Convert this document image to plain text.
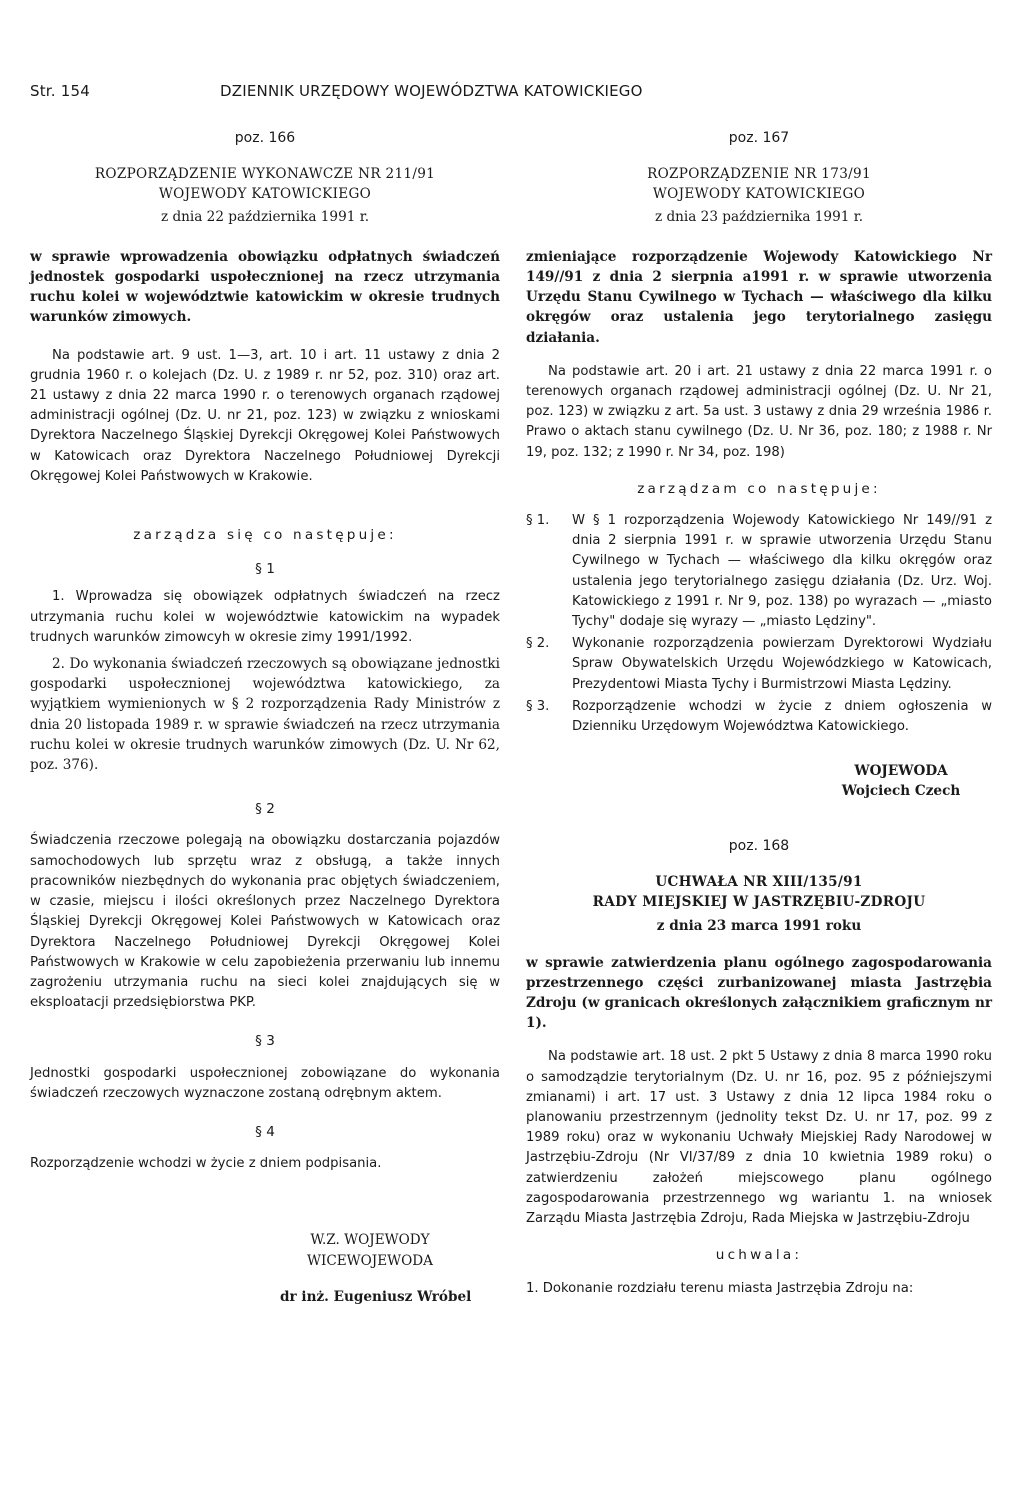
Str. 154	DZIENNIK URZĘDOWY WOJEWÓDZTWA KATOWICKIEGO
poz. 166
ROZPORZĄDZENIE WYKONAWCZE NR 211/91
WOJEWODY KATOWICKIEGO
z dnia 22 października 1991 r.

w sprawie wprowadzenia obowiązku odpłatnych świadczeń jednostek gospodarki uspołecznionej na rzecz utrzymania ruchu kolei w województwie katowickim w okresie trudnych warunków zimowych.

Na podstawie art. 9 ust. 1—3, art. 10 i art. 11 ustawy z dnia 2 grudnia 1960 r. o kolejach (Dz. U. z 1989 r. nr 52, poz. 310) oraz art. 21 ustawy z dnia 22 marca 1990 r. o terenowych organach rządowej administracji ogólnej (Dz. U. nr 21, poz. 123) w związku z wnioskami Dyrektora Naczelnego Śląskiej Dyrekcji Okręgowej Kolei Państwowych w Katowicach oraz Dyrektora Naczelnego Południowej Dyrekcji Okręgowej Kolei Państwowych w Krakowie.

zarządza się co następuje:
§ 1

1. Wprowadza się obowiązek odpłatnych świadczeń na rzecz utrzymania ruchu kolei w województwie katowickim na wypadek trudnych warunków zimowcyh w okresie zimy 1991/1992.

2. Do wykonania świadczeń rzeczowych są obowiązane jednostki gospodarki uspołecznionej województwa katowickiego, za wyjątkiem wymienionych w § 2 rozporządzenia Rady Ministrów z dnia 20 listopada 1989 r. w sprawie świadczeń na rzecz utrzymania ruchu kolei w okresie trudnych warunków zimowych (Dz. U. Nr 62, poz. 376).

§ 2

Świadczenia rzeczowe polegają na obowiązku dostarczania pojazdów samochodowych lub sprzętu wraz z obsługą, a także innych pracowników niezbędnych do wykonania prac objętych świadczeniem, w czasie, miejscu i ilości określonych przez Naczelnego Dyrektora Śląskiej Dyrekcji Okręgowej Kolei Państwowych w Katowicach oraz Dyrektora Naczelnego Południowej Dyrekcji Okręgowej Kolei Państwowych w Krakowie w celu zapobieżenia przerwaniu lub innemu zagrożeniu utrzymania ruchu na sieci kolei znajdujących się w eksploatacji przedsiębiorstwa PKP.

§ 3

Jednostki gospodarki uspołecznionej zobowiązane do wykonania świadczeń rzeczowych wyznaczone zostaną odrębnym aktem.

§ 4

Rozporządzenie wchodzi w życie z dniem podpisania.

W.Z. WOJEWODY
WICEWOJEWODA
dr inż. Eugeniusz Wróbel
poz. 167
ROZPORZĄDZENIE NR 173/91
WOJEWODY KATOWICKIEGO
z dnia 23 października 1991 r.

zmieniające rozporządzenie Wojewody Katowickiego Nr 149//91 z dnia 2 sierpnia a1991 r. w sprawie utworzenia Urzędu Stanu Cywilnego w Tychach — właściwego dla kilku okręgów oraz ustalenia jego terytorialnego zasięgu działania.

Na podstawie art. 20 i art. 21 ustawy z dnia 22 marca 1991 r. o terenowych organach rządowej administracji ogólnej (Dz. U. Nr 21, poz. 123) w związku z art. 5a ust. 3 ustawy z dnia 29 września 1986 r. Prawo o aktach stanu cywilnego (Dz. U. Nr 36, poz. 180; z 1988 r. Nr 19, poz. 132; z 1990 r. Nr 34, poz. 198)

zarządzam co następuje:
§ 1.	W § 1 rozporządzenia Wojewody Katowickiego Nr 149//91 z dnia 2 sierpnia 1991 r. w sprawie utworzenia Urzędu Stanu Cywilnego w Tychach — właściwego dla kilku okręgów oraz ustalenia jego terytorialnego zasięgu działania (Dz. Urz. Woj. Katowickiego z 1991 r. Nr 9, poz. 138) po wyrazach — „miasto Tychy" dodaje się wyrazy — „miasto Lędziny".
§ 2.	Wykonanie rozporządzenia powierzam Dyrektorowi Wydziału Spraw Obywatelskich Urzędu Wojewódzkiego w Katowicach, Prezydentowi Miasta Tychy i Burmistrzowi Miasta Lędziny.
§ 3.	Rozporządzenie wchodzi w życie z dniem ogłoszenia w Dzienniku Urzędowym Województwa Katowickiego.
WOJEWODA
Wojciech Czech
poz. 168
UCHWAŁA NR XIII/135/91
RADY MIEJSKIEJ W JASTRZĘBIU-ZDROJU
z dnia 23 marca 1991 roku

w sprawie zatwierdzenia planu ogólnego zagospodarowania przestrzennego części zurbanizowanej miasta Jastrzębia Zdroju (w granicach określonych załącznikiem graficznym nr 1).

Na podstawie art. 18 ust. 2 pkt 5 Ustawy z dnia 8 marca 1990 roku o samodządzie terytorialnym (Dz. U. nr 16, poz. 95 z późniejszymi zmianami) i art. 17 ust. 3 Ustawy z dnia 12 lipca 1984 roku o planowaniu przestrzennym (jednolity tekst Dz. U. nr 17, poz. 99 z 1989 roku) oraz w wykonaniu Uchwały Miejskiej Rady Narodowej w Jastrzębiu-Zdroju (Nr VI/37/89 z dnia 10 kwietnia 1989 roku) o zatwierdzeniu założeń miejscowego planu ogólnego zagospodarowania przestrzennego wg wariantu 1. na wniosek Zarządu Miasta Jastrzębia Zdroju, Rada Miejska w Jastrzębiu-Zdroju

uchwala:

1. Dokonanie rozdziału terenu miasta Jastrzębia Zdroju na:
